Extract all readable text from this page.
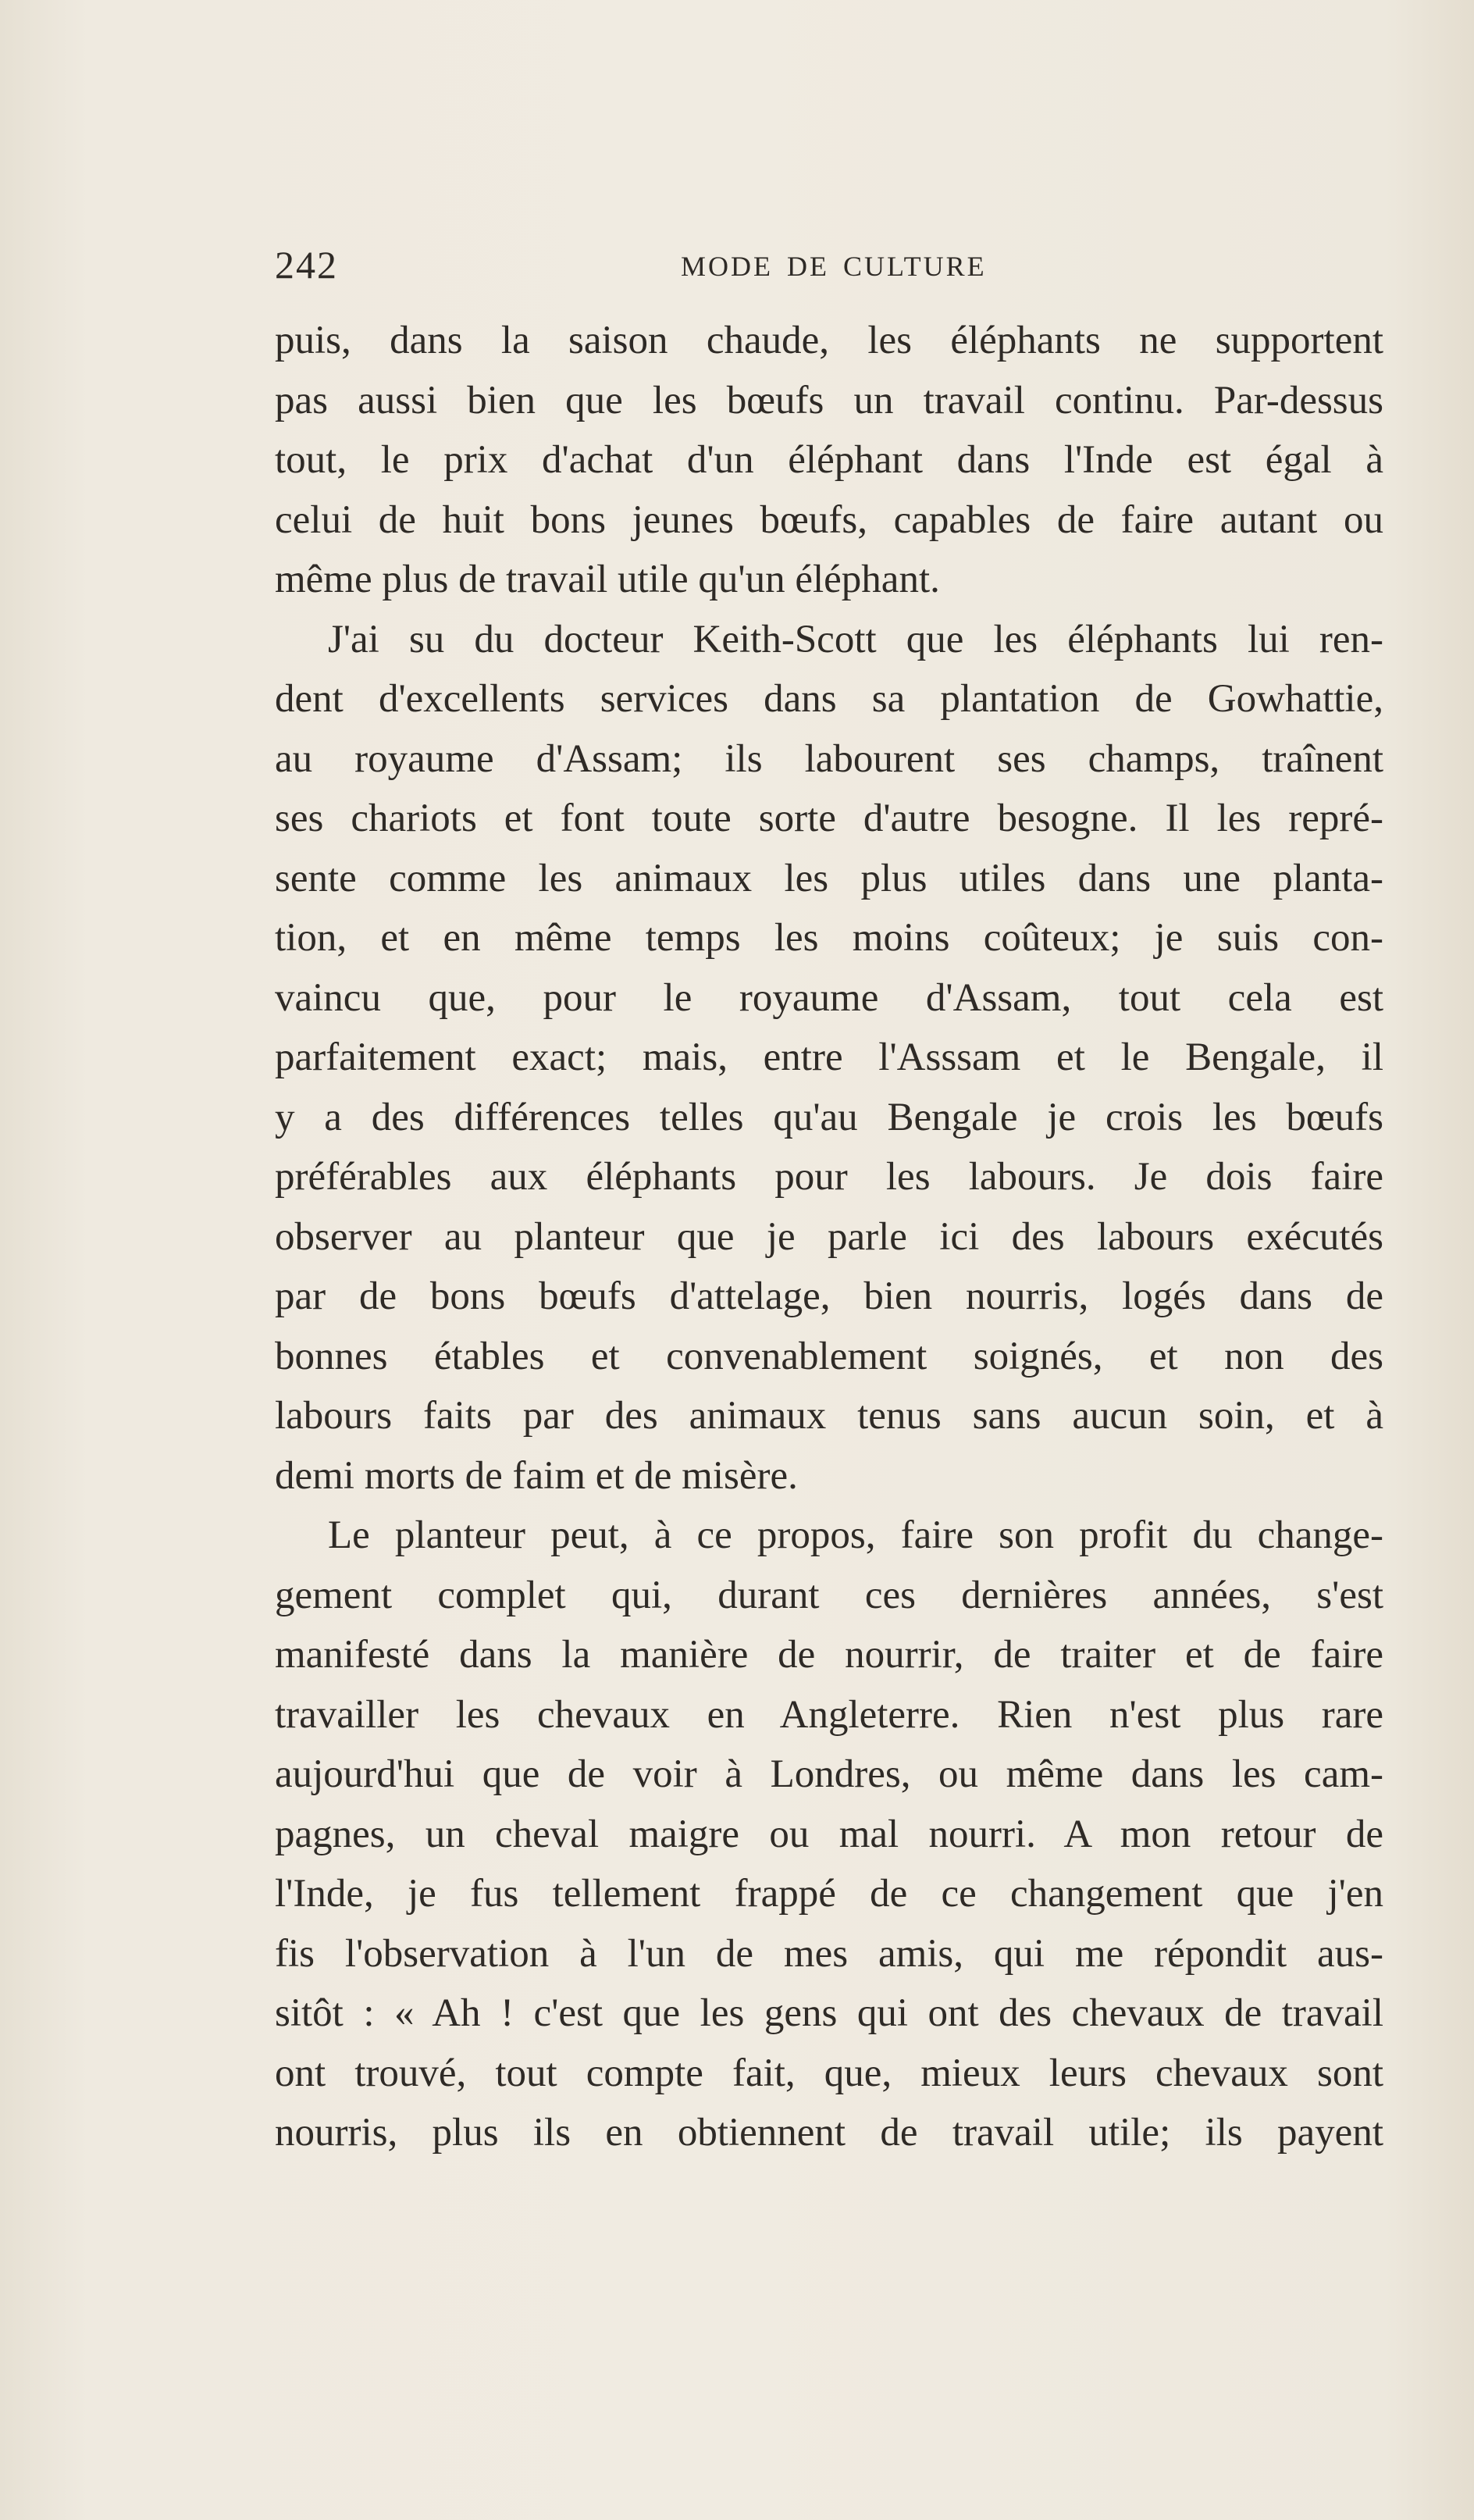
242	MODE DE CULTURE
puis, dans la saison chaude, les éléphants ne supportent
pas aussi bien que les bœufs un travail continu. Par-dessus
tout, le prix d'achat d'un éléphant dans l'Inde est égal à
celui de huit bons jeunes bœufs, capables de faire autant ou
même plus de travail utile qu'un éléphant.
J'ai su du docteur Keith-Scott que les éléphants lui ren-
dent d'excellents services dans sa plantation de Gowhattie,
au royaume d'Assam; ils labourent ses champs, traînent
ses chariots et font toute sorte d'autre besogne. Il les repré-
sente comme les animaux les plus utiles dans une planta-
tion, et en même temps les moins coûteux; je suis con-
vaincu que, pour le royaume d'Assam, tout cela est
parfaitement exact; mais, entre l'Asssam et le Bengale, il
y a des différences telles qu'au Bengale je crois les bœufs
préférables aux éléphants pour les labours. Je dois faire
observer au planteur que je parle ici des labours exécutés
par de bons bœufs d'attelage, bien nourris, logés dans de
bonnes étables et convenablement soignés, et non des
labours faits par des animaux tenus sans aucun soin, et à
demi morts de faim et de misère.
Le planteur peut, à ce propos, faire son profit du change-
gement complet qui, durant ces dernières années, s'est
manifesté dans la manière de nourrir, de traiter et de faire
travailler les chevaux en Angleterre. Rien n'est plus rare
aujourd'hui que de voir à Londres, ou même dans les cam-
pagnes, un cheval maigre ou mal nourri. A mon retour de
l'Inde, je fus tellement frappé de ce changement que j'en
fis l'observation à l'un de mes amis, qui me répondit aus-
sitôt : « Ah ! c'est que les gens qui ont des chevaux de travail
ont trouvé, tout compte fait, que, mieux leurs chevaux sont
nourris, plus ils en obtiennent de travail utile; ils payent
